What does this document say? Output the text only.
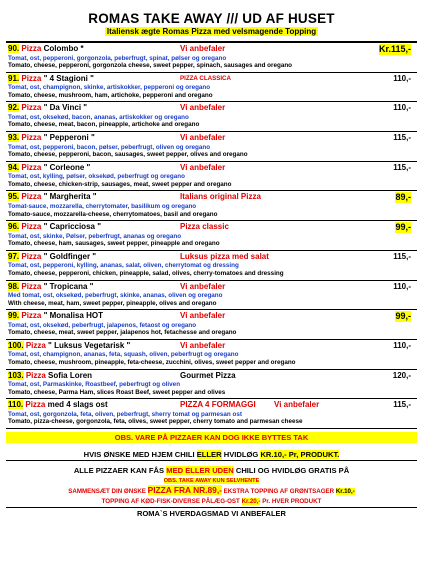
ROMAS TAKE AWAY /// UD AF HUSET
Italiensk ægte Romas Pizza med velsmagende Topping
90. Pizza Colombo *	Vi anbefaler	Kr.115,-
Tomat, ost, pepperoni, gorgonzola, peberfrugt, spinat, pølser og oregano
Tomato, cheese, pepperoni, gorgonzola cheese, sweet pepper, spinach, sausages and oregano
91. Pizza " 4 Stagioni "	PIZZA CLASSICA	110,-
Tomat, ost, champignon, skinke, artiskokker, pepperoni og oregano
Tomato, cheese, mushroom, ham, artichoke, pepperoni and oregano
92. Pizza " Da Vinci "	Vi anbefaler	110,-
Tomat, ost, oksekød, bacon, ananas, artiskokker og oregano
Tomato, cheese, meat, bacon, pineapple, artichoke and oregano
93. Pizza " Pepperoni "	Vi anbefaler	115,-
Tomat, ost, pepperoni, bacon, pølser, peberfrugt, oliven og oregano
Tomato, cheese, pepperoni, bacon, sausages, sweet pepper, olives and oregano
94. Pizza " Corleone "	Vi anbefaler	115,-
Tomat, ost, kylling, pølser, oksekød, peberfrugt og oregano
Tomato, cheese, chicken-strip, sausages, meat, sweet pepper and oregano
95. Pizza " Margherita "	Italians original Pizza	89,-
Tomat-sauce, mozzarella, cherrytomater, basilikum og oregano
Tomato-sauce, mozzarella-cheese, cherrytomatoes, basil and oregano
96. Pizza " Capricciosa "	Pizza classic	99,-
Tomat, ost, skinke, Pølser, peberfrugt, ananas og oregano
Tomato, cheese, ham, sausages, sweet pepper, pineapple and oregano
97. Pizza " Goldfinger "	Luksus pizza med salat	115,-
Tomat, ost, pepperoni, kylling, ananas, salat, oliven, cherrytomat og dressing
Tomato, cheese, pepperoni, chicken, pineapple, salad, olives, cherry-tomatoes and dressing
98. Pizza " Tropicana "	Vi anbefaler	110,-
Med tomat, ost, oksekød, peberfrugt, skinke, ananas, oliven og oregano
With cheese, meat, ham, sweet pepper, pineapple, olives and oregano
99. Pizza " Monalisa HOT	Vi anbefaler	99,-
Tomat, ost, oksekød, peberfrugt, jalapenos, fetaost og oregano
Tomato, cheese, meat, sweet pepper, jalapenos hot, fetachesse and oregano
100. Pizza " Luksus Vegetarisk "	Vi anbefaler	110,-
Tomat, ost, champignon, ananas, feta, squash, oliven, peberfrugt og oregano
Tomato, cheese, mushroom, pineapple, feta-cheese, zucchini, olives, sweet pepper and oregano
103. Pizza Sofia Loren	Gourmet Pizza	120,-
Tomat, ost, Parmaskinke, Roastbeef, peberfrugt og oliven
Tomato, cheese, Parma Ham, slices Roast Beef, sweet pepper and olives
110. Pizza med 4 slags ost	PIZZA 4 FORMAGGI Vi anbefaler	115,-
Tomat, ost, gorgonzola, feta, oliven, peberfrugt, sherry tomat og parmesan ost
Tomato, pizza-cheese, gorgonzola, feta, olives, sweet pepper, cherry tomato and parmesan cheese
OBS. VARE PÅ PIZZAER KAN DOG IKKE BYTTES TAK
HVIS ØNSKE MED HJEM CHILI ELLER HVIDLØG KR.10,- Pr, PRODUKT.
ALLE PIZZAER KAN FÅS MED ELLER UDEN CHILI OG HVIDLØG GRATIS PÅ
OBS. TAKE AWAY KUN SELVHENTE
SAMMENSÆT DIN ØNSKE PIZZA FRA NR.89,- EKSTRA TOPPING AF GRØNTSAGER Kr.10,-
TOPPING AF KØD-FISK-DIVERSE PÅLÆG-OST Kr.20,- Pr. HVER PRODUKT
ROMA`S HVERDAGSMAD VI ANBEFALER
